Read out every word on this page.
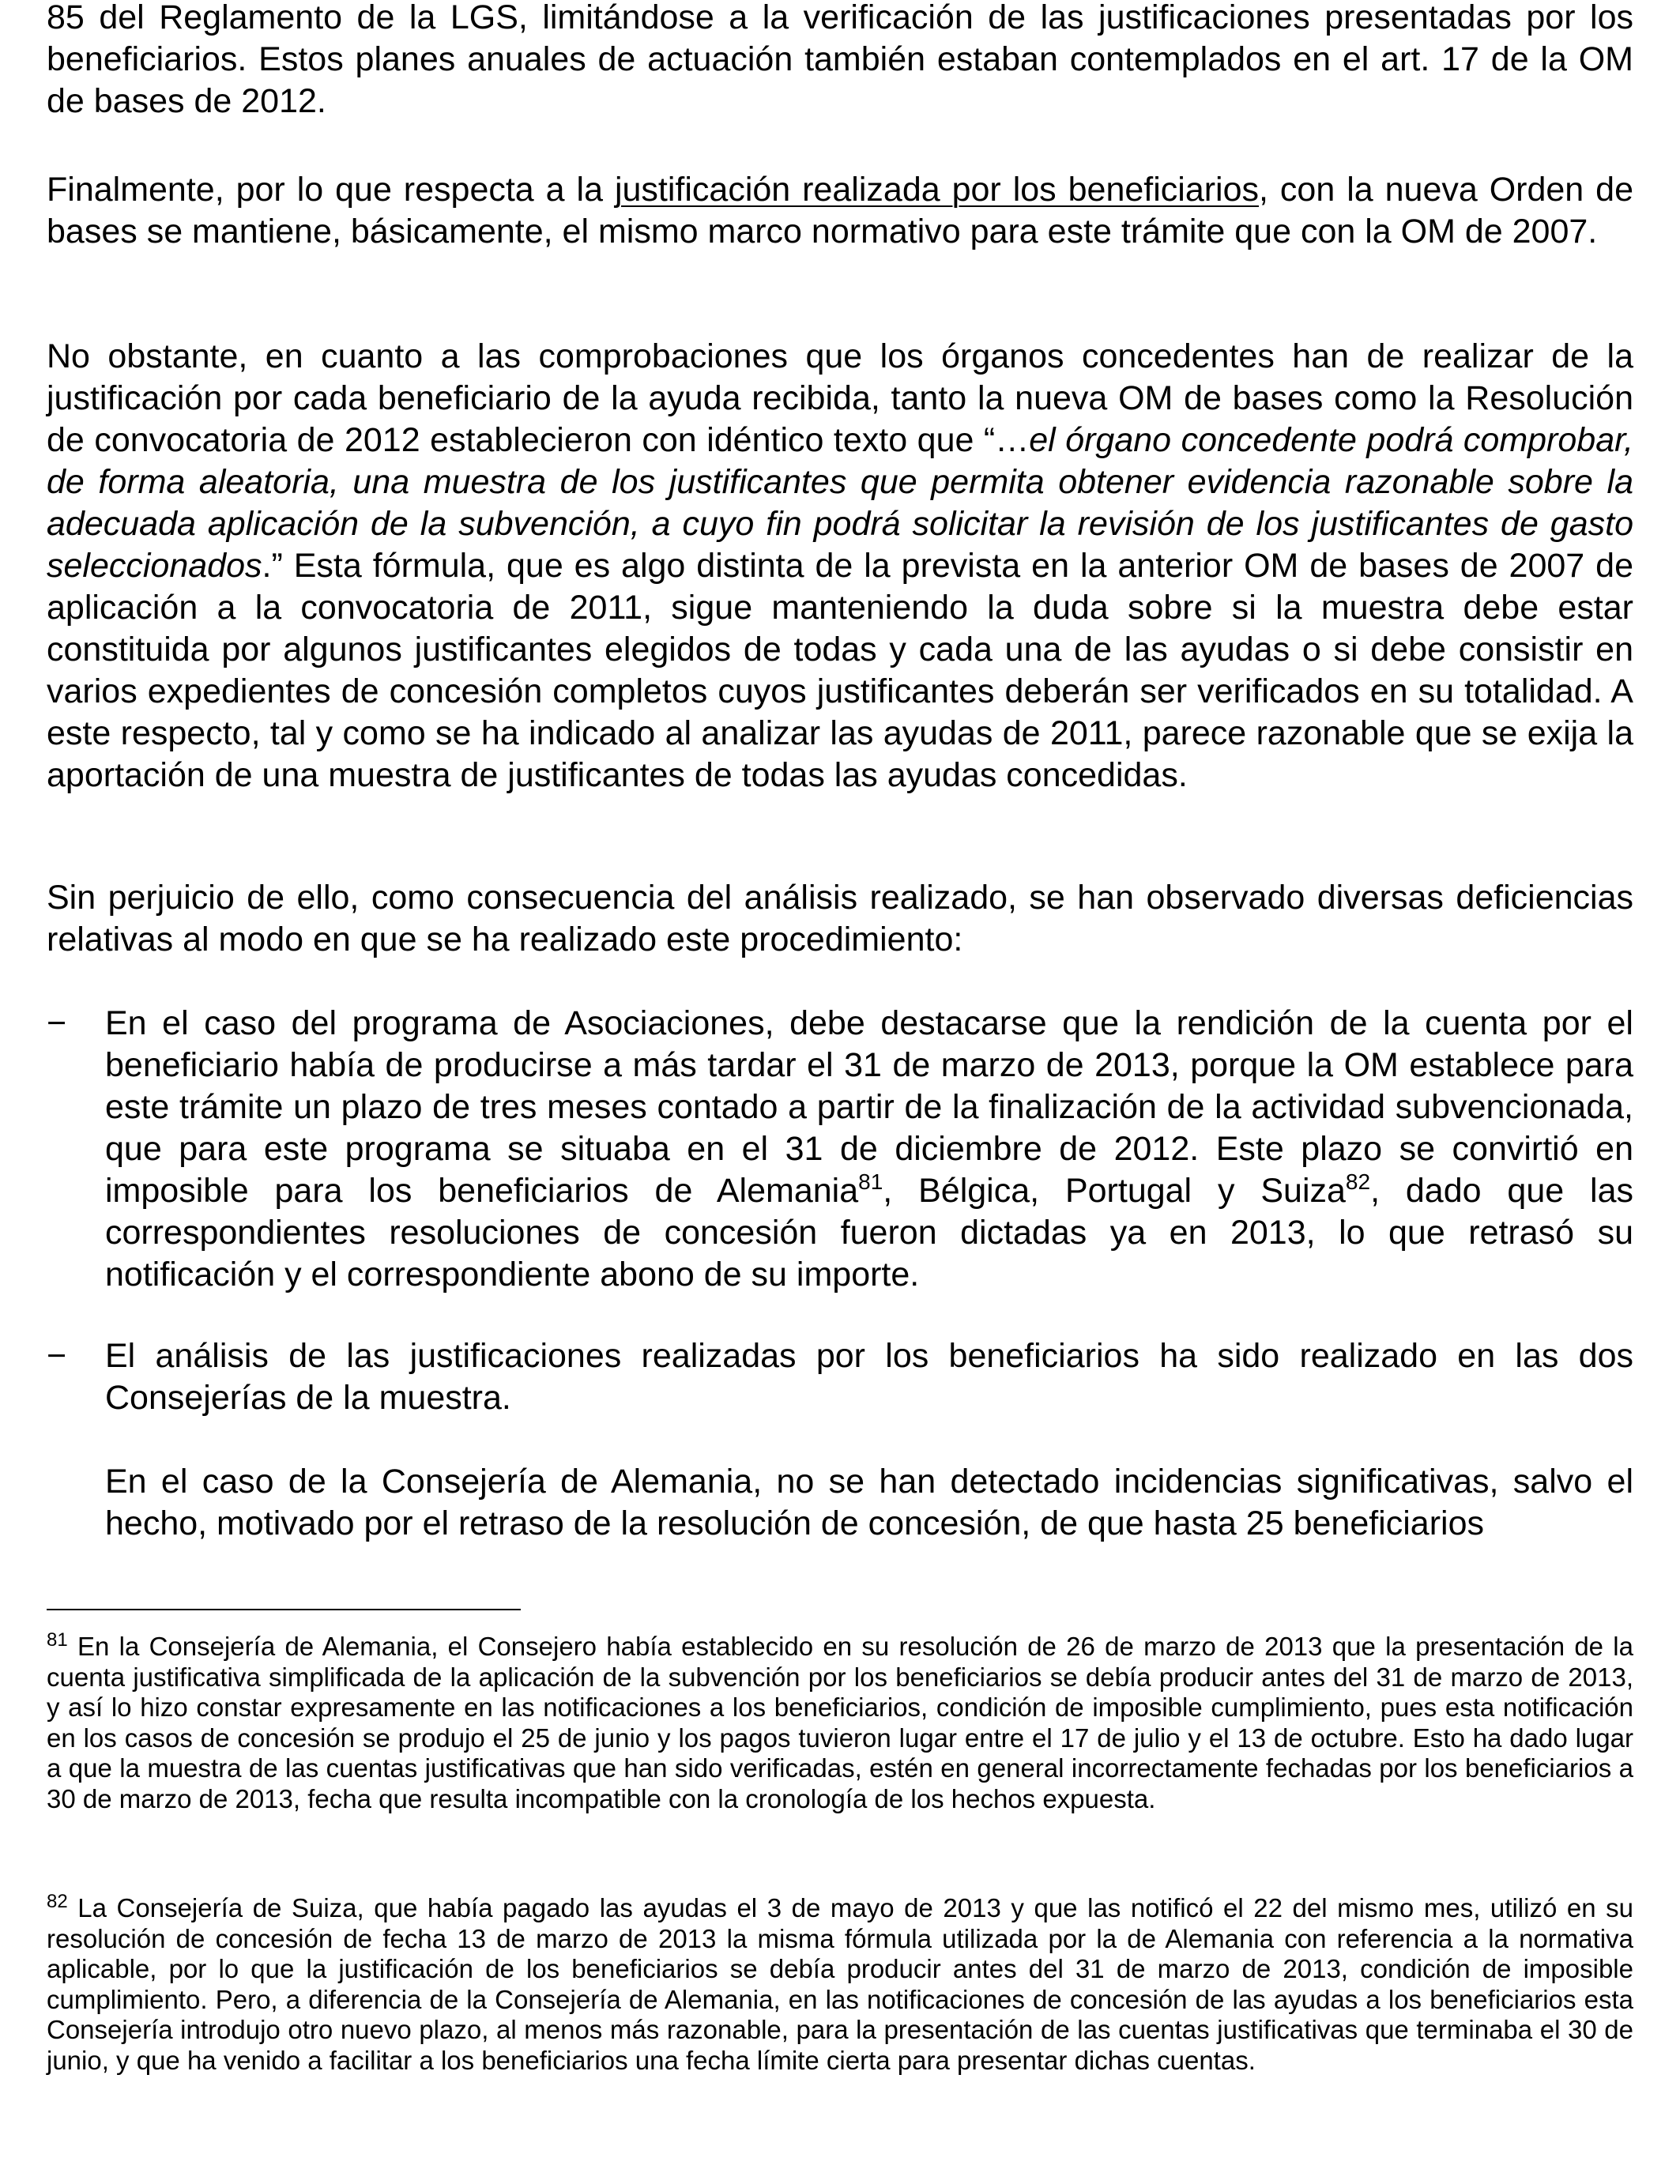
85 del Reglamento de la LGS, limitándose a la verificación de las justificaciones presentadas por los beneficiarios. Estos planes anuales de actuación también estaban contemplados en el art. 17 de la OM de bases de 2012.

Finalmente, por lo que respecta a la justificación realizada por los beneficiarios, con la nueva Orden de bases se mantiene, básicamente, el mismo marco normativo para este trámite que con la OM de 2007.

No obstante, en cuanto a las comprobaciones que los órganos concedentes han de realizar de la justificación por cada beneficiario de la ayuda recibida, tanto la nueva OM de bases como la Resolución de convocatoria de 2012 establecieron con idéntico texto que “…el órgano concedente podrá comprobar, de forma aleatoria, una muestra de los justificantes que permita obtener evidencia razonable sobre la adecuada aplicación de la subvención, a cuyo fin podrá solicitar la revisión de los justificantes de gasto seleccionados.” Esta fórmula, que es algo distinta de la prevista en la anterior OM de bases de 2007 de aplicación a la convocatoria de 2011, sigue manteniendo la duda sobre si la muestra debe estar constituida por algunos justificantes elegidos de todas y cada una de las ayudas o si debe consistir en varios expedientes de concesión completos cuyos justificantes deberán ser verificados en su totalidad. A este respecto, tal y como se ha indicado al analizar las ayudas de 2011, parece razonable que se exija la aportación de una muestra de justificantes de todas las ayudas concedidas.

Sin perjuicio de ello, como consecuencia del análisis realizado, se han observado diversas deficiencias relativas al modo en que se ha realizado este procedimiento:

− En el caso del programa de Asociaciones, debe destacarse que la rendición de la cuenta por el beneficiario había de producirse a más tardar el 31 de marzo de 2013, porque la OM establece para este trámite un plazo de tres meses contado a partir de la finalización de la actividad subvencionada, que para este programa se situaba en el 31 de diciembre de 2012. Este plazo se convirtió en imposible para los beneficiarios de Alemania$^{81}$, Bélgica, Portugal y Suiza$^{82}$, dado que las correspondientes resoluciones de concesión fueron dictadas ya en 2013, lo que retrasó su notificación y el correspondiente abono de su importe.

− El análisis de las justificaciones realizadas por los beneficiarios ha sido realizado en las dos Consejerías de la muestra.

En el caso de la Consejería de Alemania, no se han detectado incidencias significativas, salvo el hecho, motivado por el retraso de la resolución de concesión, de que hasta 25 beneficiarios

$^{81}$ En la Consejería de Alemania, el Consejero había establecido en su resolución de 26 de marzo de 2013 que la presentación de la cuenta justificativa simplificada de la aplicación de la subvención por los beneficiarios se debía producir antes del 31 de marzo de 2013, y así lo hizo constar expresamente en las notificaciones a los beneficiarios, condición de imposible cumplimiento, pues esta notificación en los casos de concesión se produjo el 25 de junio y los pagos tuvieron lugar entre el 17 de julio y el 13 de octubre. Esto ha dado lugar a que la muestra de las cuentas justificativas que han sido verificadas, estén en general incorrectamente fechadas por los beneficiarios a 30 de marzo de 2013, fecha que resulta incompatible con la cronología de los hechos expuesta.

$^{82}$ La Consejería de Suiza, que había pagado las ayudas el 3 de mayo de 2013 y que las notificó el 22 del mismo mes, utilizó en su resolución de concesión de fecha 13 de marzo de 2013 la misma fórmula utilizada por la de Alemania con referencia a la normativa aplicable, por lo que la justificación de los beneficiarios se debía producir antes del 31 de marzo de 2013, condición de imposible cumplimiento. Pero, a diferencia de la Consejería de Alemania, en las notificaciones de concesión de las ayudas a los beneficiarios esta Consejería introdujo otro nuevo plazo, al menos más razonable, para la presentación de las cuentas justificativas que terminaba el 30 de junio, y que ha venido a facilitar a los beneficiarios una fecha límite cierta para presentar dichas cuentas.
